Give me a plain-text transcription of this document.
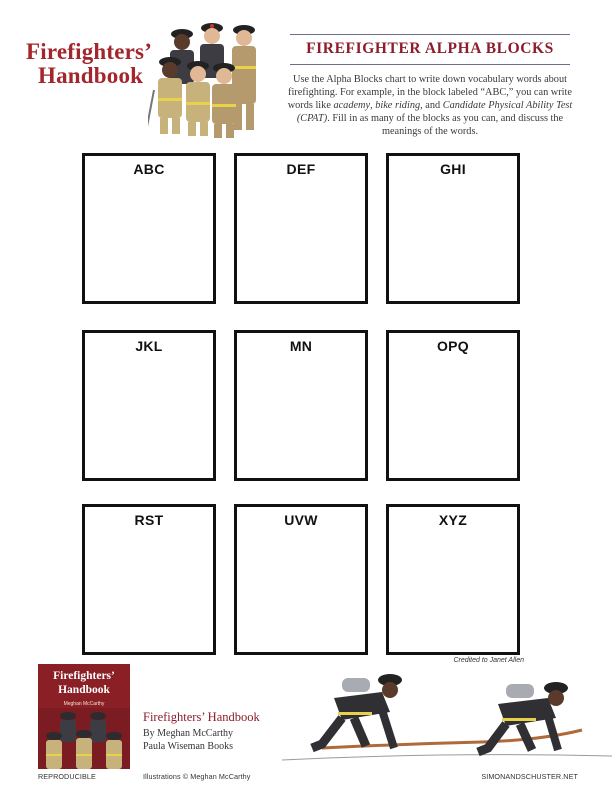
Firefighters’
Handbook
FIREFIGHTER ALPHA BLOCKS
Use the Alpha Blocks chart to write down vocabulary words about firefighting. For example, in the block labeled “ABC,” you can write words like academy, bike riding, and Candidate Physical Ability Test (CPAT). Fill in as many of the blocks as you can, and discuss the meanings of the words.
ABC	DEF	GHI
JKL	MN	OPQ
RST	UVW	XYZ
Credited to Janet Allen
Firefighters’
Handbook
Meghan McCarthy
Firefighters’ Handbook
By Meghan McCarthy
Paula Wiseman Books
REPRODUCIBLE	Illustrations © Meghan McCarthy	SIMONANDSCHUSTER.NET
